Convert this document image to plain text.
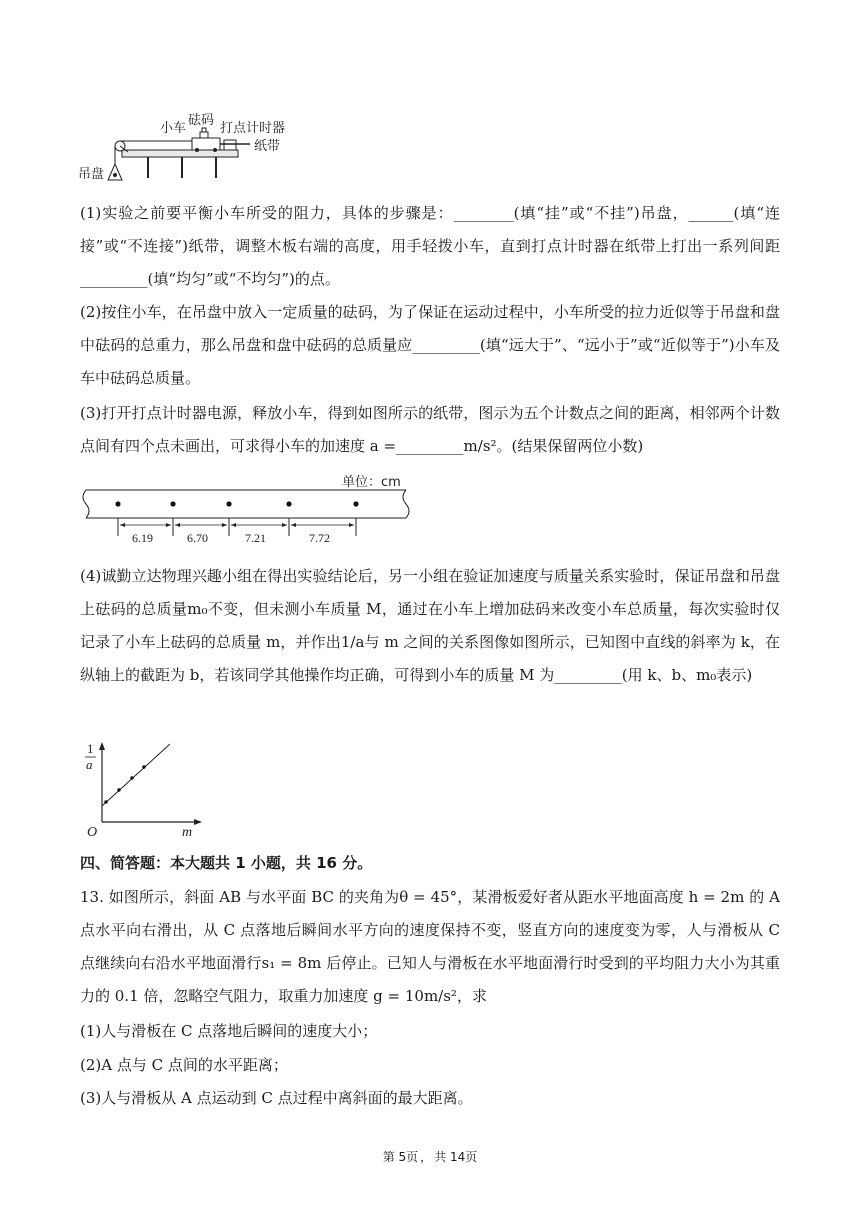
小车
砝码
打点计时器
纸带
吊盘
(1)实验之前要平衡小车所受的阻力，具体的步骤是：________(填“挂”或“不挂”)吊盘，______(填“连接”或“不连接”)纸带，调整木板右端的高度，用手轻拨小车，直到打点计时器在纸带上打出一系列间距_________(填“均匀”或“不均匀”)的点。
(2)按住小车，在吊盘中放入一定质量的砝码，为了保证在运动过程中，小车所受的拉力近似等于吊盘和盘中砝码的总重力，那么吊盘和盘中砝码的总质量应_________(填“远大于”、“远小于”或“近似等于”)小车及车中砝码总质量。
(3)打开打点计时器电源，释放小车，得到如图所示的纸带，图示为五个计数点之间的距离，相邻两个计数点间有四个点未画出，可求得小车的加速度 a =_________m/s²。(结果保留两位小数)
6.19	6.70	7.21	7.72
单位：cm
(4)诚勤立达物理兴趣小组在得出实验结论后，另一小组在验证加速度与质量关系实验时，保证吊盘和吊盘上砝码的总质量m₀不变，但未测小车质量 M，通过在小车上增加砝码来改变小车总质量，每次实验时仅记录了小车上砝码的总质量 m，并作出1/a与 m 之间的关系图像如图所示，已知图中直线的斜率为 k，在纵轴上的截距为 b，若该同学其他操作均正确，可得到小车的质量 M 为_________(用 k、b、m₀表示)
1
a
O	m
四、简答题：本大题共 1 小题，共 16 分。
13. 如图所示，斜面 AB 与水平面 BC 的夹角为θ = 45°，某滑板爱好者从距水平地面高度 h = 2m 的 A 点水平向右滑出，从 C 点落地后瞬间水平方向的速度保持不变，竖直方向的速度变为零，人与滑板从 C 点继续向右沿水平地面滑行s₁ = 8m 后停止。已知人与滑板在水平地面滑行时受到的平均阻力大小为其重力的 0.1 倍，忽略空气阻力，取重力加速度 g = 10m/s²，求
(1)人与滑板在 C 点落地后瞬间的速度大小；
(2)A 点与 C 点间的水平距离；
(3)人与滑板从 A 点运动到 C 点过程中离斜面的最大距离。
第 5页 ， 共 14页
